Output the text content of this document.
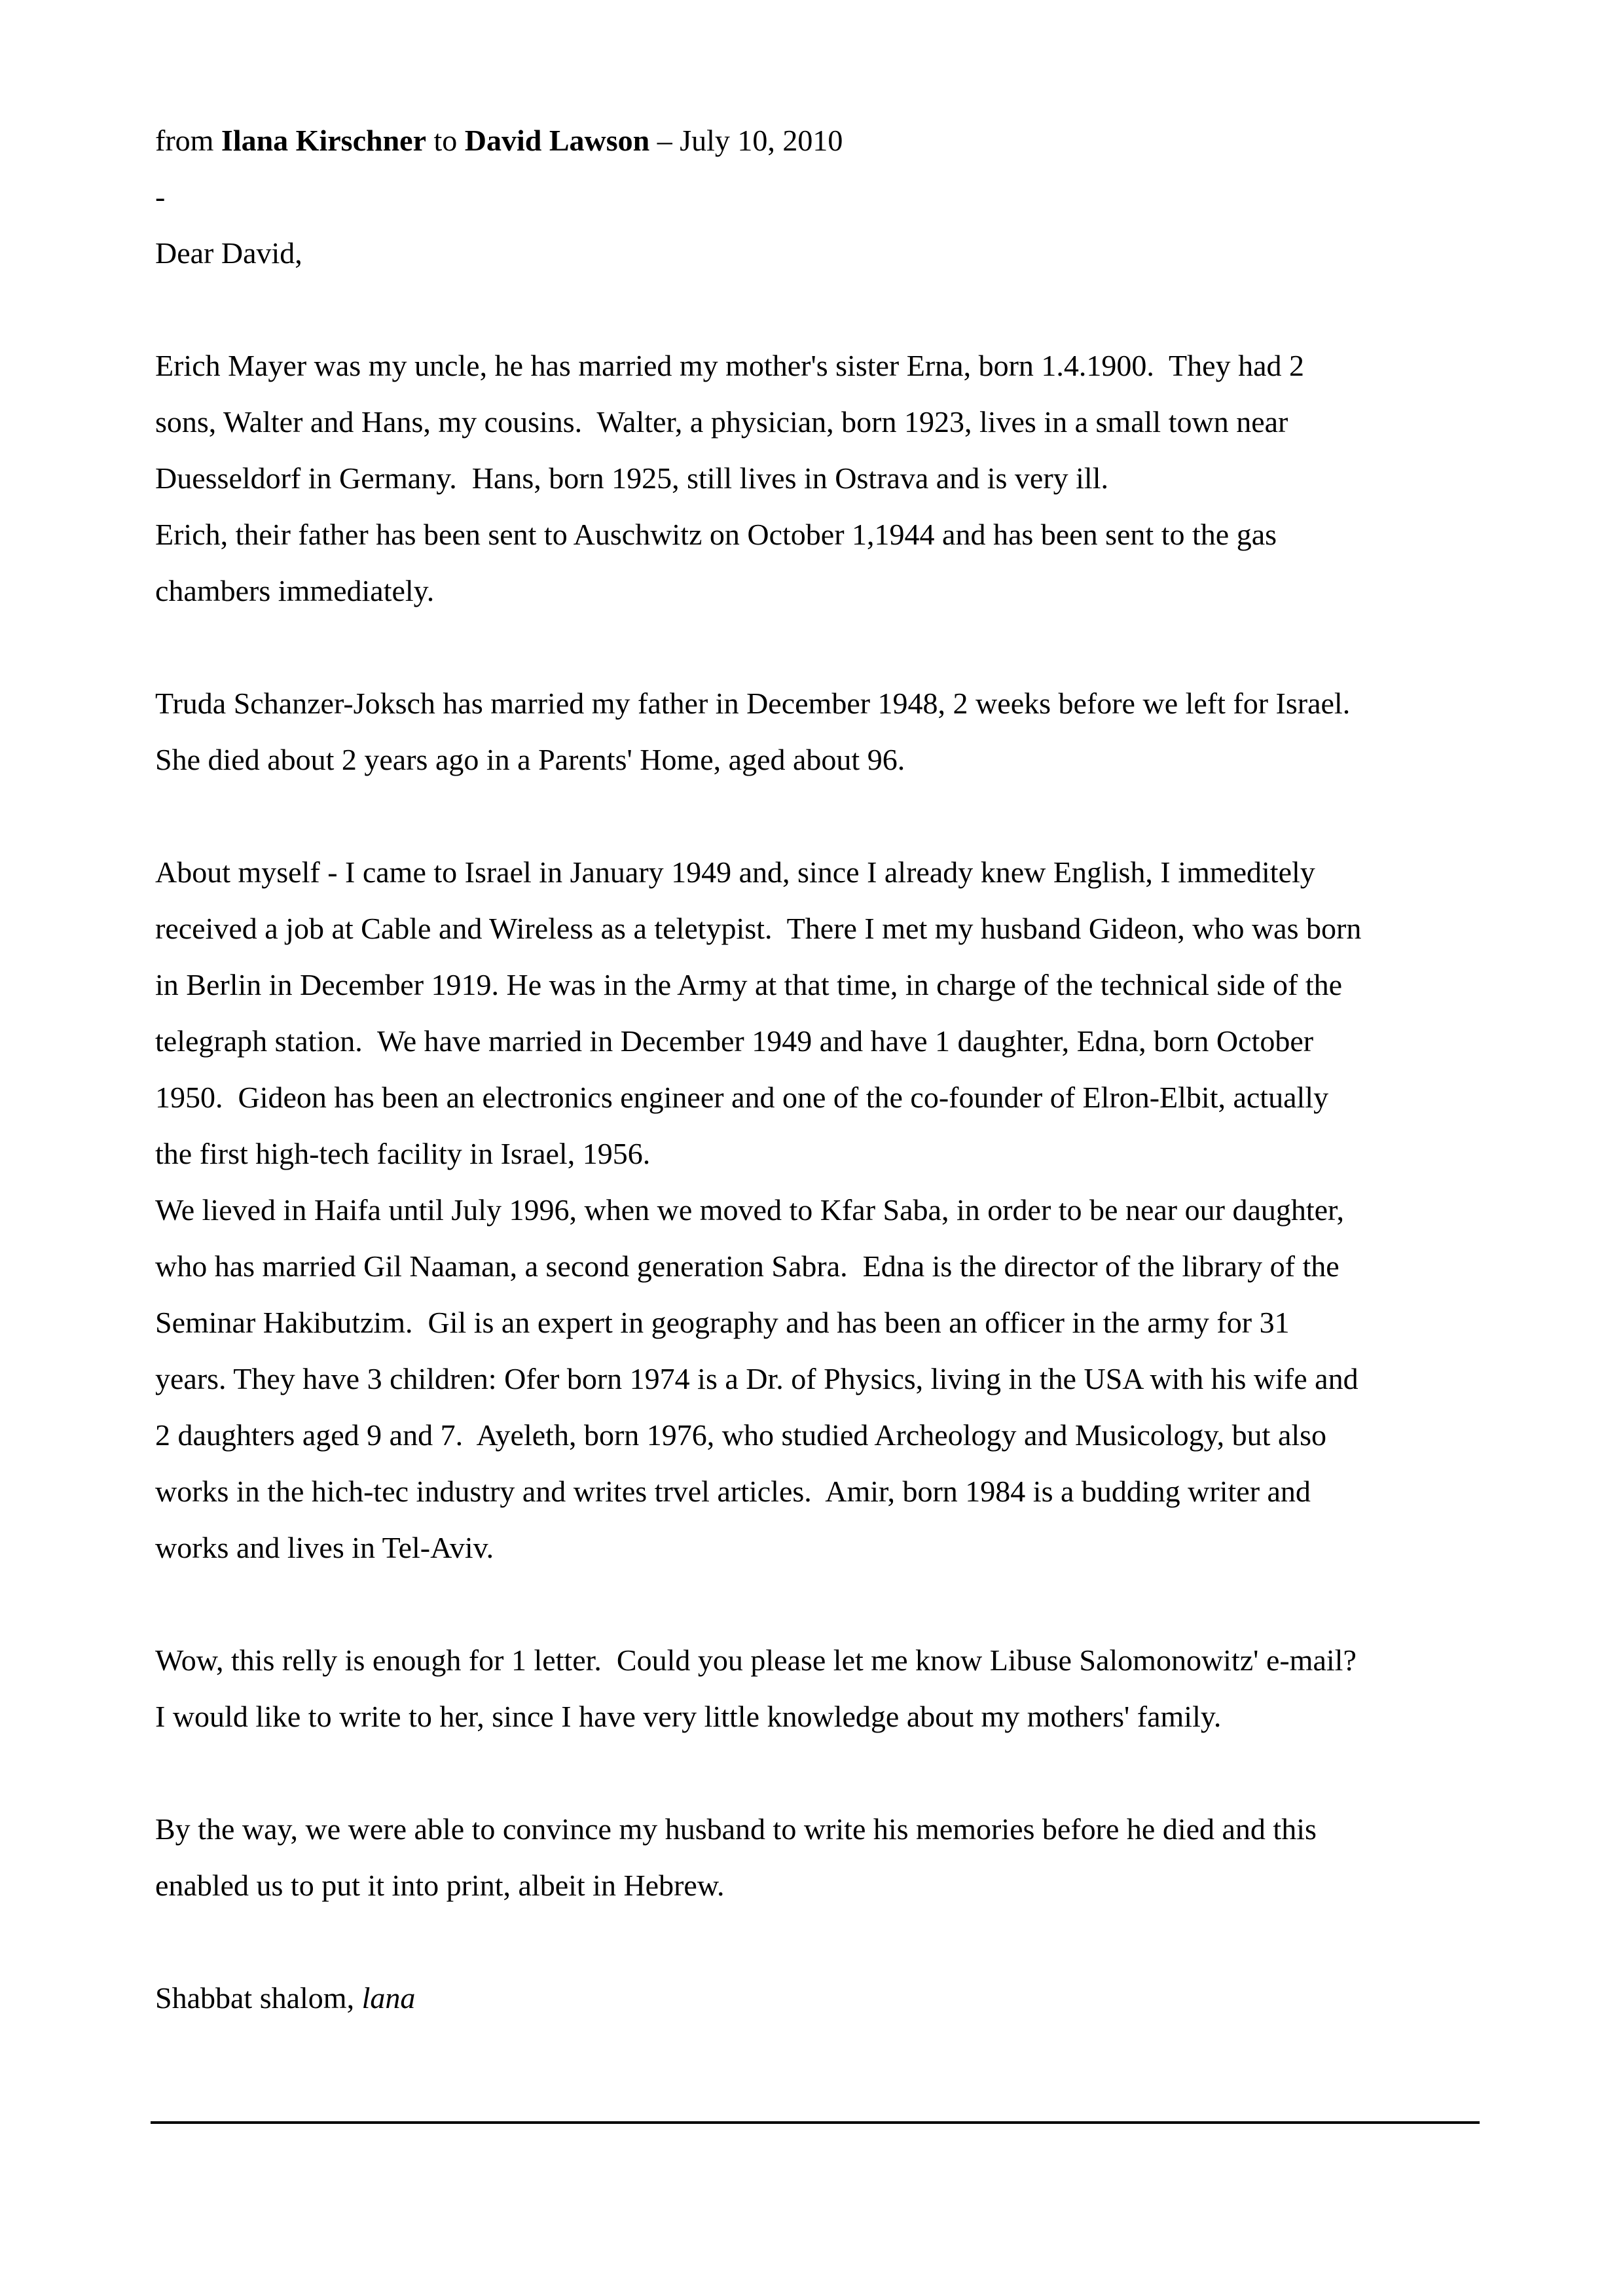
from Ilana Kirschner to David Lawson – July 10, 2010
-
Dear David,
Erich Mayer was my uncle, he has married my mother's sister Erna, born 1.4.1900.  They had 2
sons, Walter and Hans, my cousins.  Walter, a physician, born 1923, lives in a small town near
Duesseldorf in Germany.  Hans, born 1925, still lives in Ostrava and is very ill.
Erich, their father has been sent to Auschwitz on October 1,1944 and has been sent to the gas
chambers immediately.
Truda Schanzer-Joksch has married my father in December 1948, 2 weeks before we left for Israel.
She died about 2 years ago in a Parents' Home, aged about 96.
About myself - I came to Israel in January 1949 and, since I already knew English, I immeditely
received a job at Cable and Wireless as a teletypist.  There I met my husband Gideon, who was born
in Berlin in December 1919. He was in the Army at that time, in charge of the technical side of the
telegraph station.  We have married in December 1949 and have 1 daughter, Edna, born October
1950.  Gideon has been an electronics engineer and one of the co-founder of Elron-Elbit, actually
the first high-tech facility in Israel, 1956.
We lieved in Haifa until July 1996, when we moved to Kfar Saba, in order to be near our daughter,
who has married Gil Naaman, a second generation Sabra.  Edna is the director of the library of the
Seminar Hakibutzim.  Gil is an expert in geography and has been an officer in the army for 31
years. They have 3 children: Ofer born 1974 is a Dr. of Physics, living in the USA with his wife and
2 daughters aged 9 and 7.  Ayeleth, born 1976, who studied Archeology and Musicology, but also
works in the hich-tec industry and writes trvel articles.  Amir, born 1984 is a budding writer and
works and lives in Tel-Aviv.
Wow, this relly is enough for 1 letter.  Could you please let me know Libuse Salomonowitz' e-mail?
I would like to write to her, since I have very little knowledge about my mothers' family.
By the way, we were able to convince my husband to write his memories before he died and this
enabled us to put it into print, albeit in Hebrew.
Shabbat shalom, lana
